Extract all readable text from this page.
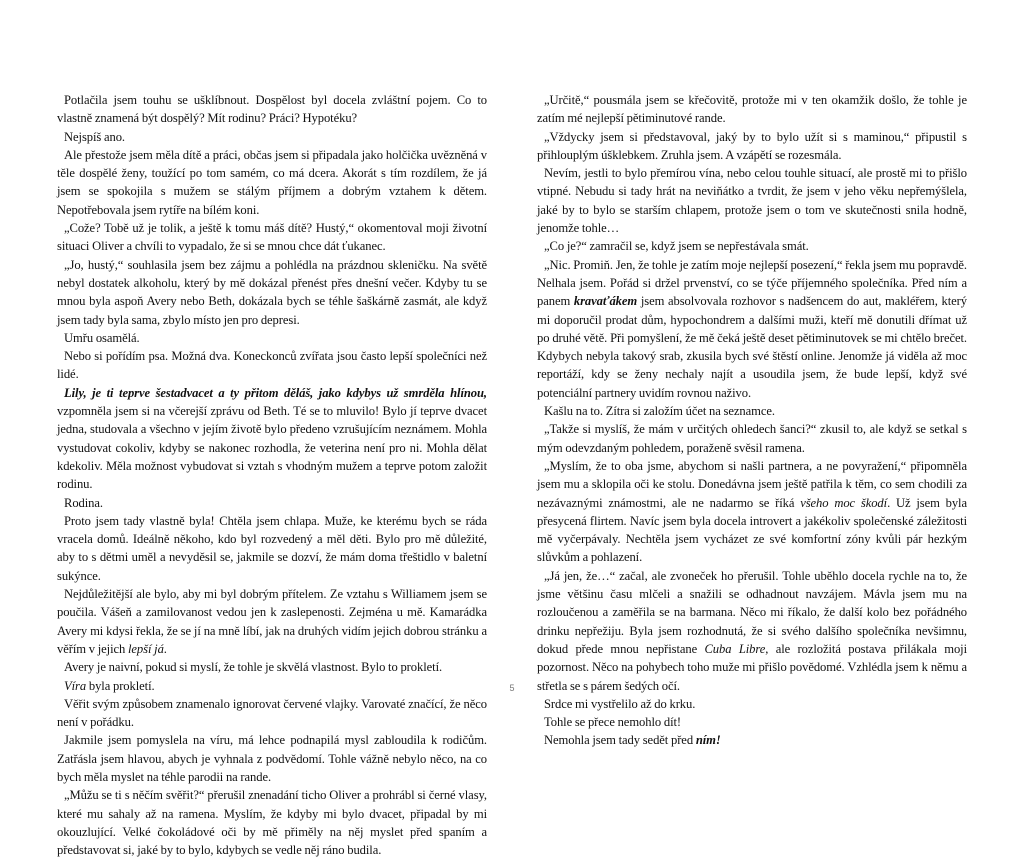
Potlačila jsem touhu se ušklíbnout. Dospělost byl docela zvláštní pojem. Co to vlastně znamená být dospělý? Mít rodinu? Práci? Hypotéku?

Nejspíš ano.

Ale přestože jsem měla dítě a práci, občas jsem si připadala jako holčička uvězněná v těle dospělé ženy, toužící po tom samém, co má dcera. Akorát s tím rozdílem, že já jsem se spokojila s mužem se stálým příjmem a dobrým vztahem k dětem. Nepotřebovala jsem rytíře na bílém koni.

„Cože? Tobě už je tolik, a ještě k tomu máš dítě? Hustý,“ okomentoval moji životní situaci Oliver a chvíli to vypadalo, že si se mnou chce dát ťukanec.

„Jo, hustý,“ souhlasila jsem bez zájmu a pohlédla na prázdnou skleničku. Na světě nebyl dostatek alkoholu, který by mě dokázal přenést přes dnešní večer. Kdyby tu se mnou byla aspoň Avery nebo Beth, dokázala bych se téhle šaškárně zasmát, ale když jsem tady byla sama, zbylo místo jen pro depresi.

Umřu osamělá.

Nebo si pořídím psa. Možná dva. Koneckonců zvířata jsou často lepší společníci než lidé.

Lily, je ti teprve šestadvacet a ty přitom děláš, jako kdybys už smrděla hlínou, vzpomněla jsem si na včerejší zprávu od Beth. Té se to mluvilo! Bylo jí teprve dvacet jedna, studovala a všechno v jejím životě bylo předeno vzrušujícím neznámem. Mohla vystudovat cokoliv, kdyby se nakonec rozhodla, že veterina není pro ni. Mohla dělat kdekoliv. Měla možnost vybudovat si vztah s vhodným mužem a teprve potom založit rodinu.

Rodina.

Proto jsem tady vlastně byla! Chtěla jsem chlapa. Muže, ke kterému bych se ráda vracela domů. Ideálně někoho, kdo byl rozvedený a měl děti. Bylo pro mě důležité, aby to s dětmi uměl a nevyděsil se, jakmile se dozví, že mám doma třeštidlo v baletní sukýnce.

Nejdůležitější ale bylo, aby mi byl dobrým přítelem. Ze vztahu s Williamem jsem se poučila. Vášeň a zamilovanost vedou jen k zaslepenosti. Zejména u mě. Kamarádka Avery mi kdysi řekla, že se jí na mně líbí, jak na druhých vidím jejich dobrou stránku a věřím v jejich lepší já.

Avery je naivní, pokud si myslí, že tohle je skvělá vlastnost. Bylo to prokletí.

Víra byla prokletí.

Věřit svým způsobem znamenalo ignorovat červené vlajky. Varovaté značící, že něco není v pořádku.

Jakmile jsem pomyslela na víru, má lehce podnapilá mysl zabloudila k rodičům. Zatřásla jsem hlavou, abych je vyhnala z podvědomí. Tohle vážně nebylo něco, na co bych měla myslet na téhle parodii na rande.

„Můžu se ti s něčím svěřit?“ přerušil znenadání ticho Oliver a prohrábl si černé vlasy, které mu sahaly až na ramena. Myslím, že kdyby mi bylo dvacet, připadal by mi okouzlující. Velké čokoládové oči by mě přiměly na něj myslet před spaním a představovat si, jaké by to bylo, kdybych se vedle něj ráno budila.

„Určitě,“ pousmála jsem se křečovitě, protože mi v ten okamžik došlo, že tohle je zatím mé nejlepší pětiminutové rande.

„Vždycky jsem si představoval, jaký by to bylo užít si s maminou,“ připustil s přihlouplým úšklebkem. Zruhla jsem. A vzápětí se rozesmála.

Nevím, jestli to bylo přemírou vína, nebo celou touhle situací, ale prostě mi to přišlo vtipné. Nebudu si tady hrát na neviňátko a tvrdit, že jsem v jeho věku nepřemýšlela, jaké by to bylo se starším chlapem, protože jsem o tom ve skutečnosti snila hodně, jenomže tohle…

„Co je?“ zamračil se, když jsem se nepřestávala smát.

„Nic. Promiň. Jen, že tohle je zatím moje nejlepší posezení,“ řekla jsem mu popravdě. Nelhala jsem. Pořád si držel prvenství, co se týče příjemného společníka. Před ním a panem kravaťákem jsem absolvovala rozhovor s nadšencem do aut, makléřem, který mi doporučil prodat dům, hypochondrem a dalšími muži, kteří mě donutili dřímat už po druhé větě. Při pomyšlení, že mě čeká ještě deset pětiminutovek se mi chtělo brečet. Kdybych nebyla takový srab, zkusila bych své štěstí online. Jenomže já viděla až moc reportáží, kdy se ženy nechaly najít a usoudila jsem, že bude lepší, když své potenciální partnery uvidím rovnou naživo.

Kašlu na to. Zítra si založím účet na seznamce.

„Takže si myslíš, že mám v určitých ohledech šanci?“ zkusil to, ale když se setkal s mým odevzdaným pohledem, poraženě svěsil ramena.

„Myslím, že to oba jsme, abychom si našli partnera, a ne povyražení,“ připomněla jsem mu a sklopila oči ke stolu. Donedávna jsem ještě patřila k těm, co sem chodili za nezávaznými známostmi, ale ne nadarmo se říká všeho moc škodí. Už jsem byla přesycená flirtem. Navíc jsem byla docela introvert a jakékoliv společenské záležitosti mě vyčerpávaly. Nechtěla jsem vycházet ze své komfortní zóny kvůli pár hezkým slůvkům a pohlazení.

„Já jen, že…“ začal, ale zvoneček ho přerušil. Tohle uběhlo docela rychle na to, že jsme většinu času mlčeli a snažili se odhadnout navzájem. Mávla jsem mu na rozloučenou a zaměřila se na barmana. Něco mi říkalo, že další kolo bez pořádného drinku nepřežiju. Byla jsem rozhodnutá, že si svého dalšího společníka nevšimnu, dokud přede mnou nepřistane Cuba Libre, ale rozložitá postava přilákala moji pozornost. Něco na pohybech toho muže mi přišlo povědomé. Vzhlédla jsem k němu a střetla se s párem šedých očí.

Srdce mi vystřelilo až do krku.

Tohle se přece nemohlo dít!

Nemohla jsem tady sedět před ním!

5
